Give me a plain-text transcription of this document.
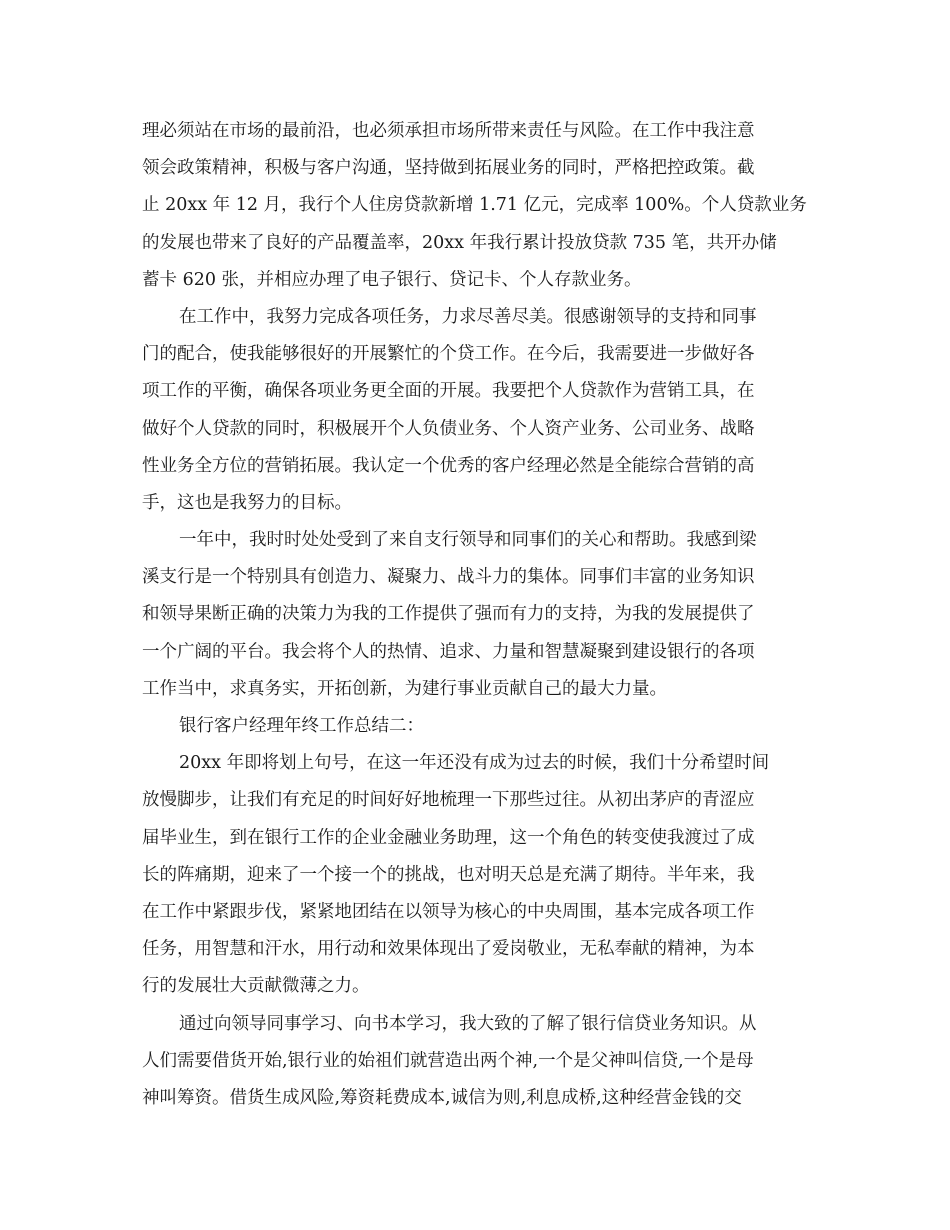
理必须站在市场的最前沿，也必须承担市场所带来责任与风险。在工作中我注意
领会政策精神，积极与客户沟通，坚持做到拓展业务的同时，严格把控政策。截
止 20xx 年 12 月，我行个人住房贷款新增 1.71 亿元，完成率 100%。个人贷款业务
的发展也带来了良好的产品覆盖率，20xx 年我行累计投放贷款 735 笔，共开办储
蓄卡 620 张，并相应办理了电子银行、贷记卡、个人存款业务。
在工作中，我努力完成各项任务，力求尽善尽美。很感谢领导的支持和同事
门的配合，使我能够很好的开展繁忙的个贷工作。在今后，我需要进一步做好各
项工作的平衡，确保各项业务更全面的开展。我要把个人贷款作为营销工具，在
做好个人贷款的同时，积极展开个人负债业务、个人资产业务、公司业务、战略
性业务全方位的营销拓展。我认定一个优秀的客户经理必然是全能综合营销的高
手，这也是我努力的目标。
一年中，我时时处处受到了来自支行领导和同事们的关心和帮助。我感到梁
溪支行是一个特别具有创造力、凝聚力、战斗力的集体。同事们丰富的业务知识
和领导果断正确的决策力为我的工作提供了强而有力的支持，为我的发展提供了
一个广阔的平台。我会将个人的热情、追求、力量和智慧凝聚到建设银行的各项
工作当中，求真务实，开拓创新，为建行事业贡献自己的最大力量。
银行客户经理年终工作总结二：
20xx 年即将划上句号，在这一年还没有成为过去的时候，我们十分希望时间
放慢脚步，让我们有充足的时间好好地梳理一下那些过往。从初出茅庐的青涩应
届毕业生，到在银行工作的企业金融业务助理，这一个角色的转变使我渡过了成
长的阵痛期，迎来了一个接一个的挑战，也对明天总是充满了期待。半年来，我
在工作中紧跟步伐，紧紧地团结在以领导为核心的中央周围，基本完成各项工作
任务，用智慧和汗水，用行动和效果体现出了爱岗敬业，无私奉献的精神，为本
行的发展壮大贡献微薄之力。
通过向领导同事学习、向书本学习，我大致的了解了银行信贷业务知识。从
人们需要借货开始,银行业的始祖们就营造出两个神,一个是父神叫信贷,一个是母
神叫筹资。借货生成风险,筹资耗费成本,诚信为则,利息成桥,这种经营金钱的交
